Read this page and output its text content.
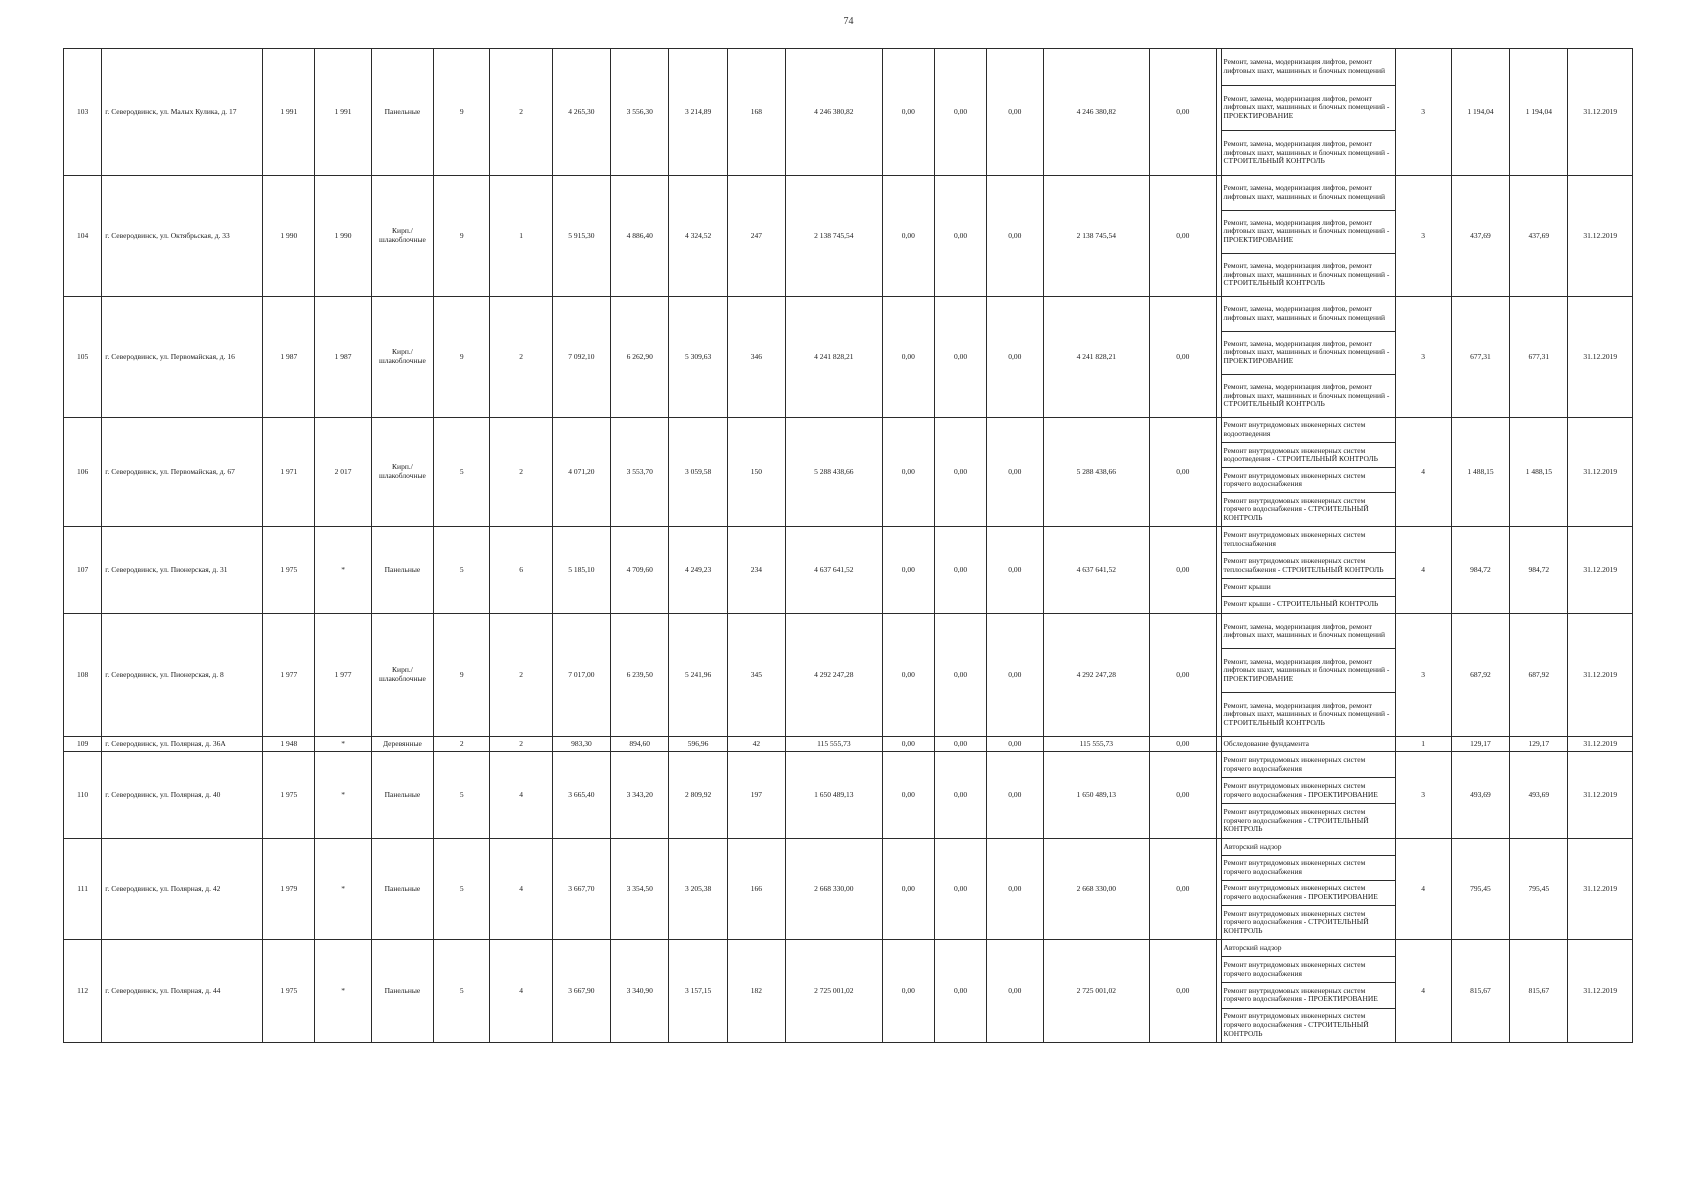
74
103	г. Северодвинск, ул. Малых Кулика, д. 17	1 991	1 991	Панельные	9	2	4 265,30	3 556,30	3 214,89	168	4 246 380,82	0,00	0,00	0,00	4 246 380,82	0,00	Ремонт, замена, модернизация лифтов, ремонт лифтовых шахт, машинных и блочных помещений
Ремонт, замена, модернизация лифтов, ремонт лифтовых шахт, машинных и блочных помещений - ПРОЕКТИРОВАНИЕ
Ремонт, замена, модернизация лифтов, ремонт лифтовых шахт, машинных и блочных помещений - СТРОИТЕЛЬНЫЙ КОНТРОЛЬ	3	1 194,04	1 194,04	31.12.2019
104	г. Северодвинск, ул. Октябрьская, д. 33	1 990	1 990	Кирп./ шлакоблочные	9	1	5 915,30	4 886,40	4 324,52	247	2 138 745,54	0,00	0,00	0,00	2 138 745,54	0,00	Ремонт, замена, модернизация лифтов, ремонт лифтовых шахт, машинных и блочных помещений
Ремонт, замена, модернизация лифтов, ремонт лифтовых шахт, машинных и блочных помещений - ПРОЕКТИРОВАНИЕ
Ремонт, замена, модернизация лифтов, ремонт лифтовых шахт, машинных и блочных помещений - СТРОИТЕЛЬНЫЙ КОНТРОЛЬ	3	437,69	437,69	31.12.2019
105	г. Северодвинск, ул. Первомайская, д. 16	1 987	1 987	Кирп./ шлакоблочные	9	2	7 092,10	6 262,90	5 309,63	346	4 241 828,21	0,00	0,00	0,00	4 241 828,21	0,00	Ремонт, замена, модернизация лифтов, ремонт лифтовых шахт, машинных и блочных помещений
Ремонт, замена, модернизация лифтов, ремонт лифтовых шахт, машинных и блочных помещений - ПРОЕКТИРОВАНИЕ
Ремонт, замена, модернизация лифтов, ремонт лифтовых шахт, машинных и блочных помещений - СТРОИТЕЛЬНЫЙ КОНТРОЛЬ	3	677,31	677,31	31.12.2019
106	г. Северодвинск, ул. Первомайская, д. 67	1 971	2 017	Кирп./ шлакоблочные	5	2	4 071,20	3 553,70	3 059,58	150	5 288 438,66	0,00	0,00	0,00	5 288 438,66	0,00	Ремонт внутридомовых инженерных систем водоотведения
Ремонт внутридомовых инженерных систем водоотведения - СТРОИТЕЛЬНЫЙ КОНТРОЛЬ
Ремонт внутридомовых инженерных систем горячего водоснабжения
Ремонт внутридомовых инженерных систем горячего водоснабжения - СТРОИТЕЛЬНЫЙ КОНТРОЛЬ	4	1 488,15	1 488,15	31.12.2019
107	г. Северодвинск, ул. Пионерская, д. 31	1 975	*	Панельные	5	6	5 185,10	4 709,60	4 249,23	234	4 637 641,52	0,00	0,00	0,00	4 637 641,52	0,00	Ремонт внутридомовых инженерных систем теплоснабжения
Ремонт внутридомовых инженерных систем теплоснабжения - СТРОИТЕЛЬНЫЙ КОНТРОЛЬ
Ремонт крыши
Ремонт крыши - СТРОИТЕЛЬНЫЙ КОНТРОЛЬ	4	984,72	984,72	31.12.2019
108	г. Северодвинск, ул. Пионерская, д. 8	1 977	1 977	Кирп./ шлакоблочные	9	2	7 017,00	6 239,50	5 241,96	345	4 292 247,28	0,00	0,00	0,00	4 292 247,28	0,00	Ремонт, замена, модернизация лифтов, ремонт лифтовых шахт, машинных и блочных помещений
Ремонт, замена, модернизация лифтов, ремонт лифтовых шахт, машинных и блочных помещений - ПРОЕКТИРОВАНИЕ
Ремонт, замена, модернизация лифтов, ремонт лифтовых шахт, машинных и блочных помещений - СТРОИТЕЛЬНЫЙ КОНТРОЛЬ	3	687,92	687,92	31.12.2019
109	г. Северодвинск, ул. Полярная, д. 36А	1 948	*	Деревянные	2	2	983,30	894,60	596,96	42	115 555,73	0,00	0,00	0,00	115 555,73	0,00	Обследование фундамента	1	129,17	129,17	31.12.2019
110	г. Северодвинск, ул. Полярная, д. 40	1 975	*	Панельные	5	4	3 665,40	3 343,20	2 809,92	197	1 650 489,13	0,00	0,00	0,00	1 650 489,13	0,00	Ремонт внутридомовых инженерных систем горячего водоснабжения
Ремонт внутридомовых инженерных систем горячего водоснабжения - ПРОЕКТИРОВАНИЕ
Ремонт внутридомовых инженерных систем горячего водоснабжения - СТРОИТЕЛЬНЫЙ КОНТРОЛЬ	3	493,69	493,69	31.12.2019
111	г. Северодвинск, ул. Полярная, д. 42	1 979	*	Панельные	5	4	3 667,70	3 354,50	3 205,38	166	2 668 330,00	0,00	0,00	0,00	2 668 330,00	0,00	Авторский надзор
Ремонт внутридомовых инженерных систем горячего водоснабжения
Ремонт внутридомовых инженерных систем горячего водоснабжения - ПРОЕКТИРОВАНИЕ
Ремонт внутридомовых инженерных систем горячего водоснабжения - СТРОИТЕЛЬНЫЙ КОНТРОЛЬ	4	795,45	795,45	31.12.2019
112	г. Северодвинск, ул. Полярная, д. 44	1 975	*	Панельные	5	4	3 667,90	3 340,90	3 157,15	182	2 725 001,02	0,00	0,00	0,00	2 725 001,02	0,00	Авторский надзор
Ремонт внутридомовых инженерных систем горячего водоснабжения
Ремонт внутридомовых инженерных систем горячего водоснабжения - ПРОЕКТИРОВАНИЕ
Ремонт внутридомовых инженерных систем горячего водоснабжения - СТРОИТЕЛЬНЫЙ КОНТРОЛЬ	4	815,67	815,67	31.12.2019
